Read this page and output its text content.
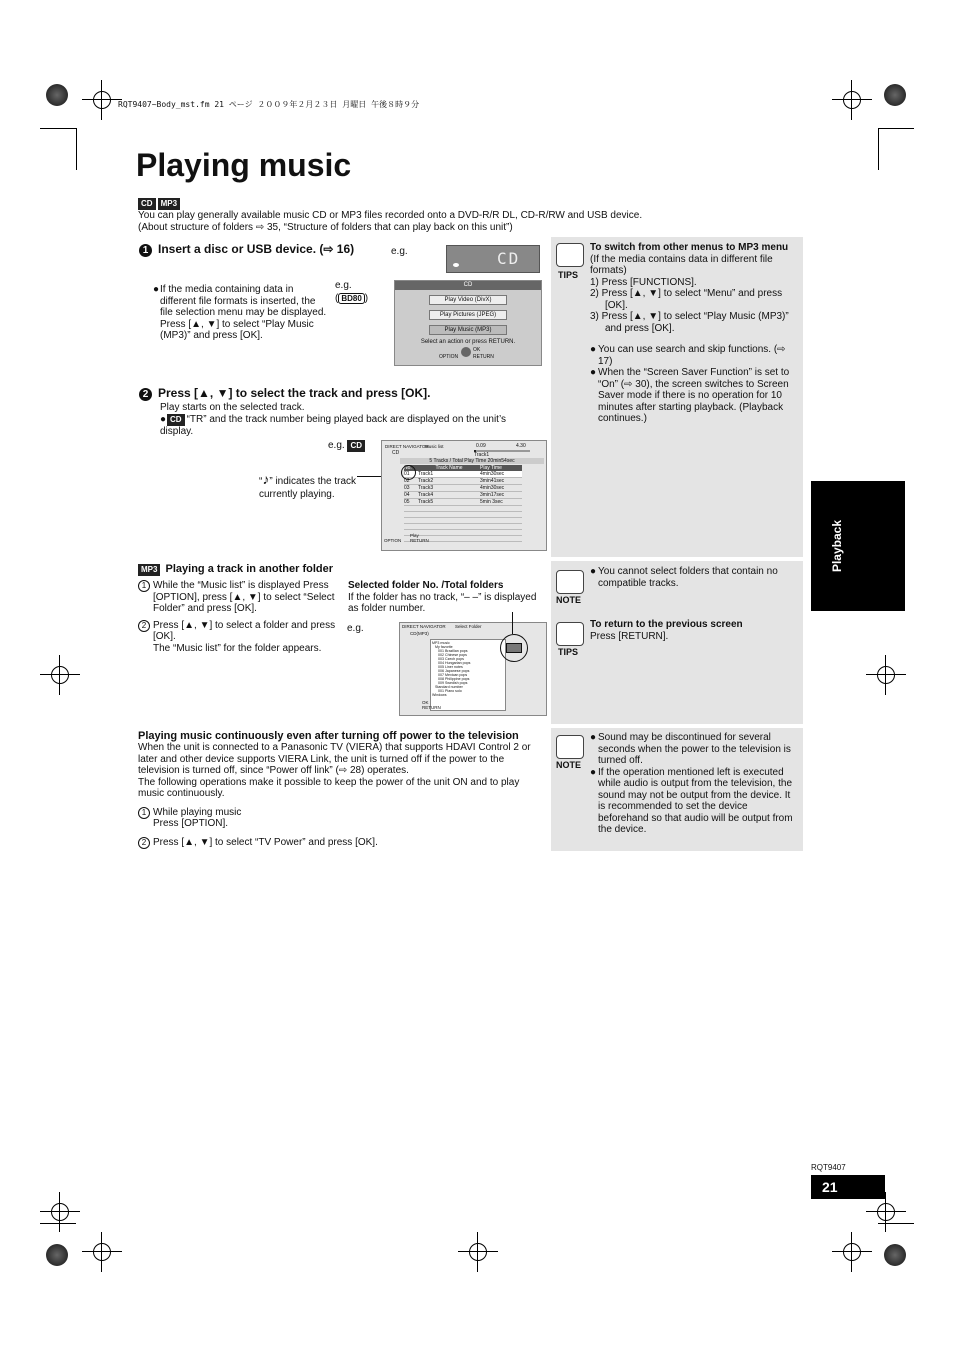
RQT9407~Body_mst.fm 21 ページ ２００９年２月２３日 月曜日 午後８時９分
Playing music
CD MP3
You can play generally available music CD or MP3 files recorded onto a DVD-R/R DL, CD-R/RW and USB device.
(About structure of folders ⇨ 35, “Structure of folders that can play back on this unit”)
1 Insert a disc or USB device. (⇨ 16)	e.g.	CD
e.g.
( BD80 )
● If the media containing data in different file formats is inserted, the file selection menu may be displayed. Press [▲, ▼] to select “Play Music (MP3)” and press [OK].
CD
Play Video (DivX)
Play Pictures (JPEG)
Play Music (MP3)
Select an action or press RETURN.
OPTION
OK
RETURN
2 Press [▲, ▼] to select the track and press [OK].
Play starts on the selected track.
● CD “TR” and the track number being played back are displayed on the unit’s display.
e.g. CD
“♪” indicates the track currently playing.
DIRECT NAVIGATOR
Music list
CD
0.09	4.30
Track1
5 Tracks / Total Play Time 20min54sec
No.	Track Name	Play Time
01	Track1	4min30sec
02	Track2	3min41sec
03	Track3	4min30sec
04	Track4	3min17sec
05	Track5	5min 3sec
OPTION
Play
RETURN
TIPS
To switch from other menus to MP3 menu
(If the media contains data in different file formats)
1) Press [FUNCTIONS].
2) Press [▲, ▼] to select “Menu” and press [OK].
3) Press [▲, ▼] to select “Play Music (MP3)” and press [OK].
● You can use search and skip functions. (⇨ 17)
● When the “Screen Saver Function” is set to “On” (⇨ 30), the screen switches to Screen Saver mode if there is no operation for 10 minutes after starting playback. (Playback continues.)
MP3 Playing a track in another folder
1 While the “Music list” is displayed Press [OPTION], press [▲, ▼] to select “Select Folder” and press [OK].
2 Press [▲, ▼] to select a folder and press [OK].
The “Music list” for the folder appears.
Selected folder No. /Total folders
If the folder has no track, “– –” is displayed as folder number.
e.g.	DIRECT NAVIGATOR Select Folder
CD(MP3)
MP3 music
My favorite
001 Brazilian pops
002 Chinese pops
003 Czech pops
004 Hungarian pops
005 Liner notes
006 Japanese pops
007 Mexican pops
008 Philippine pops
009 Swedish pops
Standard number
001 Piano solo
Windows
OK
RETURN
NOTE
● You cannot select folders that contain no compatible tracks.
TIPS
To return to the previous screen
Press [RETURN].
Playing music continuously even after turning off power to the television
When the unit is connected to a Panasonic TV (VIERA) that supports HDAVI Control 2 or later and other device supports VIERA Link, the unit is turned off if the power to the television is turned off, since “Power off link” (⇨ 28) operates.
The following operations make it possible to keep the power of the unit ON and to play music continuously.
1 While playing music
Press [OPTION].
2 Press [▲, ▼] to select “TV Power” and press [OK].
NOTE
● Sound may be discontinued for several seconds when the power to the television is turned off.
● If the operation mentioned left is executed while audio is output from the television, the sound may not be output from the device. It is recommended to set the device beforehand so that audio will be output from the device.
Playback
RQT9407
21
